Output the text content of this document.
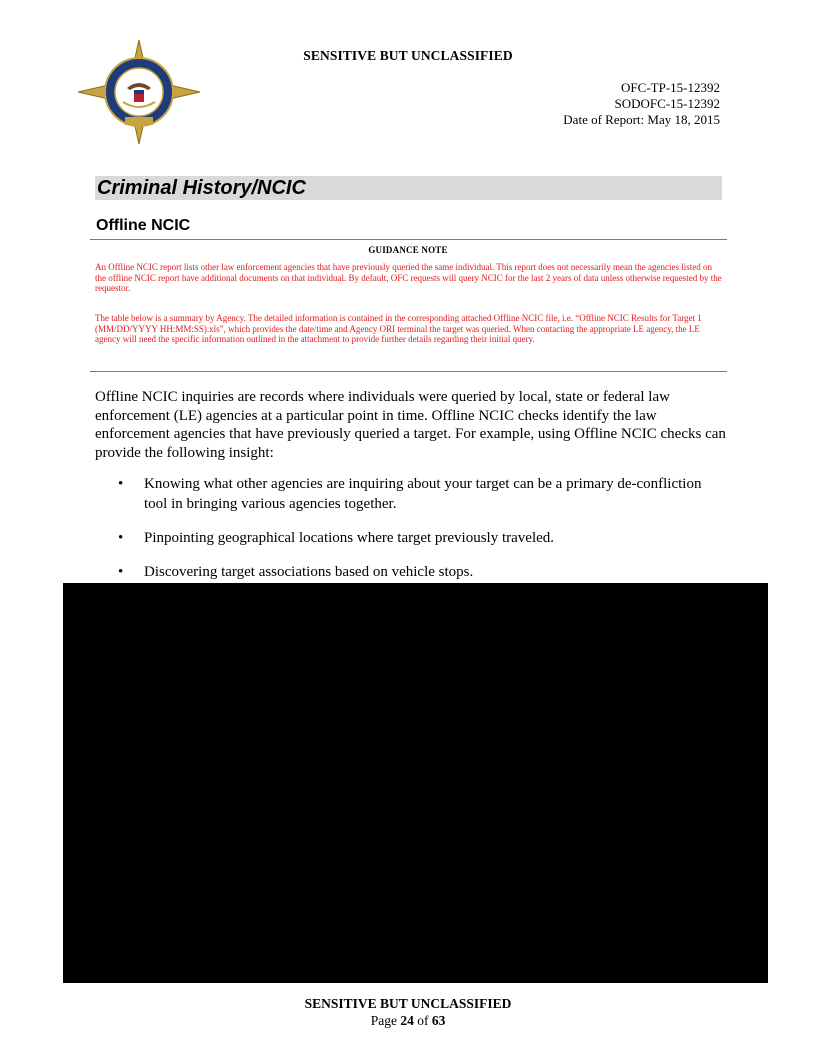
SENSITIVE BUT UNCLASSIFIED
OFC-TP-15-12392
SODOFC-15-12392
Date of Report: May 18, 2015
Criminal History/NCIC
Offline NCIC
GUIDANCE NOTE
An Offline NCIC report lists other law enforcement agencies that have previously queried the same individual. This report does not necessarily mean the agencies listed on the offline NCIC report have additional documents on that individual. By default, OFC requests will query NCIC for the last 2 years of data unless otherwise requested by the requestor.
The table below is a summary by Agency. The detailed information is contained in the corresponding attached Offline NCIC file, i.e. “Offline NCIC Results for Target 1 (MM/DD/YYYY HH:MM:SS).xls”, which provides the date/time and Agency ORI terminal the target was queried. When contacting the appropriate LE agency, the LE agency will need the specific information outlined in the attachment to provide further details regarding their initial query.

Offline NCIC inquiries are records where individuals were queried by local, state or federal law enforcement (LE) agencies at a particular point in time. Offline NCIC checks identify the law enforcement agencies that have previously queried a target. For example, using Offline NCIC checks can provide the following insight:

• Knowing what other agencies are inquiring about your target can be a primary de-confliction tool in bringing various agencies together.
• Pinpointing geographical locations where target previously traveled.
• Discovering target associations based on vehicle stops.
SENSITIVE BUT UNCLASSIFIED
Page 24 of 63
